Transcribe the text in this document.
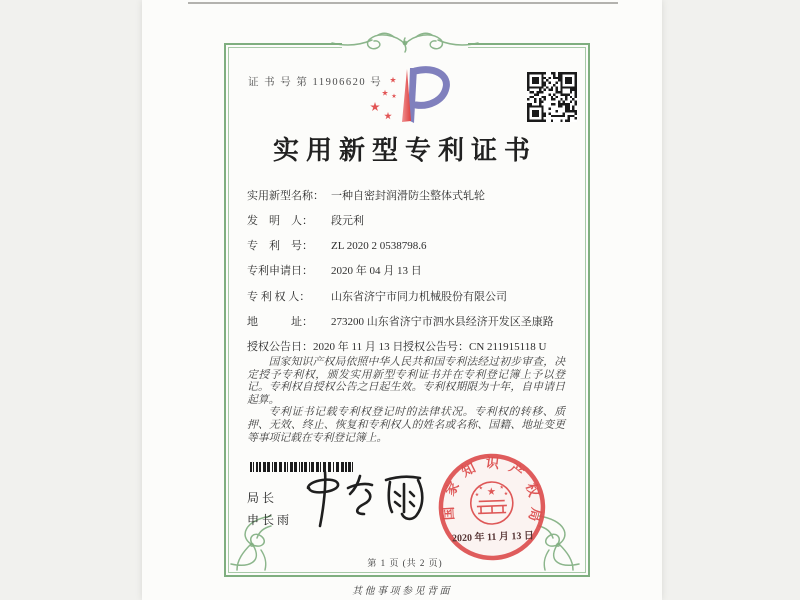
证 书 号 第 11906620 号
实用新型专利证书
实用新型名称： 一种自密封润滑防尘整体式轧轮
发　明　人： 段元利
专　利　号： ZL 2020 2 0538798.6
专利申请日： 2020 年 04 月 13 日
专 利 权 人： 山东省济宁市同力机械股份有限公司
地　　　址： 273200 山东省济宁市泗水县经济开发区圣康路
授权公告日：2020 年 11 月 13 日 授权公告号：CN 211915118 U

国家知识产权局依照中华人民共和国专利法经过初步审查，决定授予专利权，颁发实用新型专利证书并在专利登记簿上予以登记。专利权自授权公告之日起生效。专利权期限为十年，自申请日起算。

专利证书记载专利权登记时的法律状况。专利权的转移、质押、无效、终止、恢复和专利权人的姓名或名称、国籍、地址变更等事项记载在专利登记簿上。

局长
申长雨	国家知识产权局
2020 年 11 月 13 日
第 1 页 (共 2 页)
其他事项参见背面
